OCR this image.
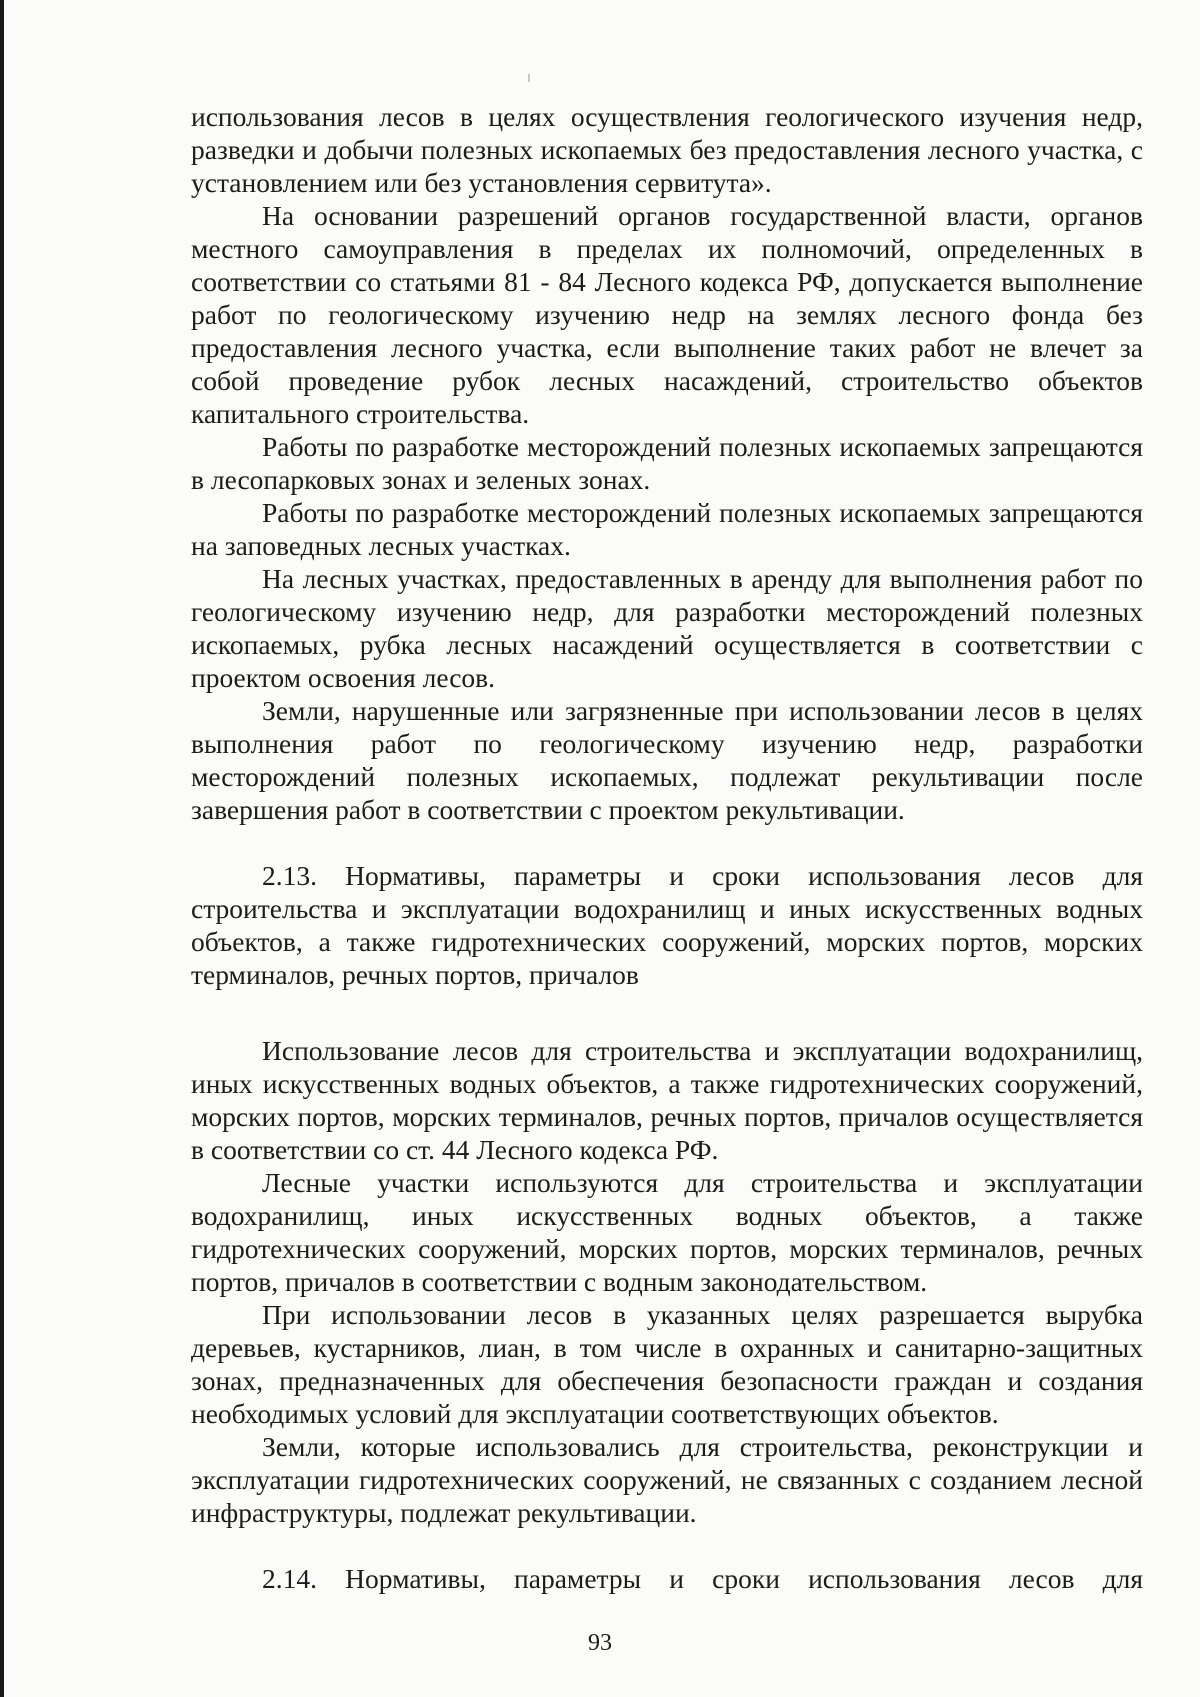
использования лесов в целях осуществления геологического изучения недр, разведки и добычи полезных ископаемых без предоставления лесного участка, с установлением или без установления сервитута».

На основании разрешений органов государственной власти, органов местного самоуправления в пределах их полномочий, определенных в соответствии со статьями 81 - 84 Лесного кодекса РФ, допускается выполнение работ по геологическому изучению недр на землях лесного фонда без предоставления лесного участка, если выполнение таких работ не влечет за собой проведение рубок лесных насаждений, строительство объектов капитального строительства.

Работы по разработке месторождений полезных ископаемых запрещаются в лесопарковых зонах и зеленых зонах.

Работы по разработке месторождений полезных ископаемых запрещаются на заповедных лесных участках.

На лесных участках, предоставленных в аренду для выполнения работ по геологическому изучению недр, для разработки месторождений полезных ископаемых, рубка лесных насаждений осуществляется в соответствии с проектом освоения лесов.

Земли, нарушенные или загрязненные при использовании лесов в целях выполнения работ по геологическому изучению недр, разработки месторождений полезных ископаемых, подлежат рекультивации после завершения работ в соответствии с проектом рекультивации.

2.13. Нормативы, параметры и сроки использования лесов для строительства и эксплуатации водохранилищ и иных искусственных водных объектов, а также гидротехнических сооружений, морских портов, морских терминалов, речных портов, причалов

Использование лесов для строительства и эксплуатации водохранилищ, иных искусственных водных объектов, а также гидротехнических сооружений, морских портов, морских терминалов, речных портов, причалов осуществляется в соответствии со ст. 44 Лесного кодекса РФ.

Лесные участки используются для строительства и эксплуатации водохранилищ, иных искусственных водных объектов, а также гидротехнических сооружений, морских портов, морских терминалов, речных портов, причалов в соответствии с водным законодательством.

При использовании лесов в указанных целях разрешается вырубка деревьев, кустарников, лиан, в том числе в охранных и санитарно-защитных зонах, предназначенных для обеспечения безопасности граждан и создания необходимых условий для эксплуатации соответствующих объектов.

Земли, которые использовались для строительства, реконструкции и эксплуатации гидротехнических сооружений, не связанных с созданием лесной инфраструктуры, подлежат рекультивации.

2.14. Нормативы, параметры и сроки использования лесов для

93
